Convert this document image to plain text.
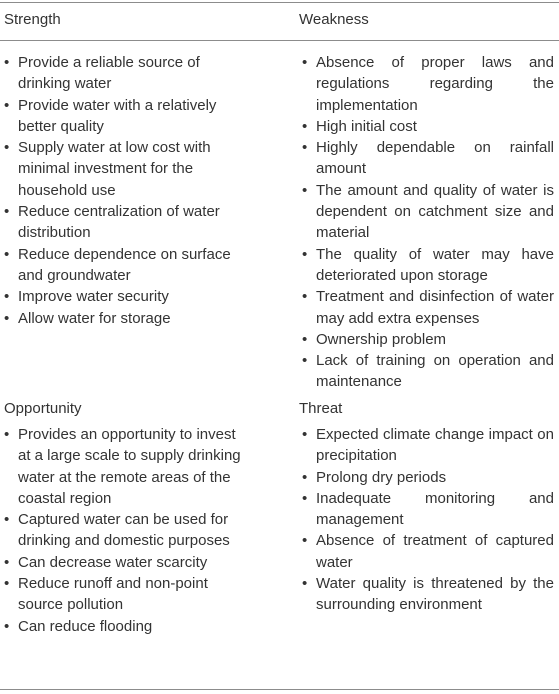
Strength	Weakness
• Provide a reliable source of drinking water
• Provide water with a relatively better quality
• Supply water at low cost with minimal investment for the household use
• Reduce centralization of water distribution
• Reduce dependence on surface and groundwater
• Improve water security
• Allow water for storage
• Absence of proper laws and regulations regarding the implementation
• High initial cost
• Highly dependable on rainfall amount
• The amount and quality of water is dependent on catchment size and material
• The quality of water may have deteriorated upon storage
• Treatment and disinfection of water may add extra expenses
• Ownership problem
• Lack of training on operation and maintenance
Opportunity	Threat
• Provides an opportunity to invest at a large scale to supply drinking water at the remote areas of the coastal region
• Captured water can be used for drinking and domestic purposes
• Can decrease water scarcity
• Reduce runoff and non-point source pollution
• Can reduce flooding
• Expected climate change impact on precipitation
• Prolong dry periods
• Inadequate monitoring and management
• Absence of treatment of captured water
• Water quality is threatened by the surrounding environment
